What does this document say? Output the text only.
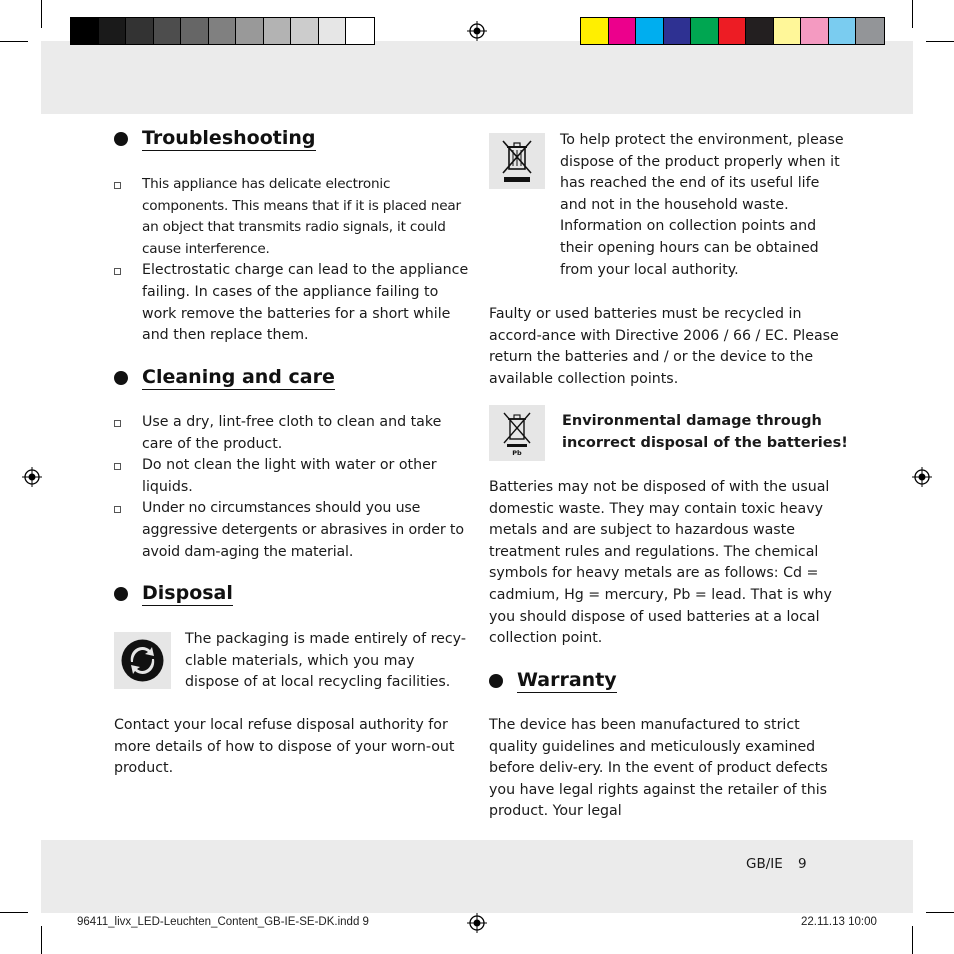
Troubleshooting
This appliance has delicate electronic components. This means that if it is placed near an object that transmits radio signals, it could cause interference.
Electrostatic charge can lead to the appliance failing. In cases of the appliance failing to work remove the batteries for a short while and then replace them.
Cleaning and care
Use a dry, lint-free cloth to clean and take care of the product.
Do not clean the light with water or other liquids.
Under no circumstances should you use aggressive detergents or abrasives in order to avoid dam-aging the material.
Disposal
The packaging is made entirely of recy-clable materials, which you may dispose of at local recycling facilities.
Contact your local refuse disposal authority for more details of how to dispose of your worn-out product.
To help protect the environment, please dispose of the product properly when it has reached the end of its useful life and not in the household waste. Information on collection points and their opening hours can be obtained from your local authority.
Faulty or used batteries must be recycled in accord-ance with Directive 2006 / 66 / EC. Please return the batteries and / or the device to the available collection points.
Pb
Environmental damage through incorrect disposal of the batteries!
Batteries may not be disposed of with the usual domestic waste. They may contain toxic heavy metals and are subject to hazardous waste treatment rules and regulations. The chemical symbols for heavy metals are as follows: Cd = cadmium, Hg = mercury, Pb = lead. That is why you should dispose of used batteries at a local collection point.
Warranty
The device has been manufactured to strict quality guidelines and meticulously examined before deliv-ery. In the event of product defects you have legal rights against the retailer of this product. Your legal
GB/IE 9
96411_livx_LED-Leuchten_Content_GB-IE-SE-DK.indd 9	22.11.13 10:00
